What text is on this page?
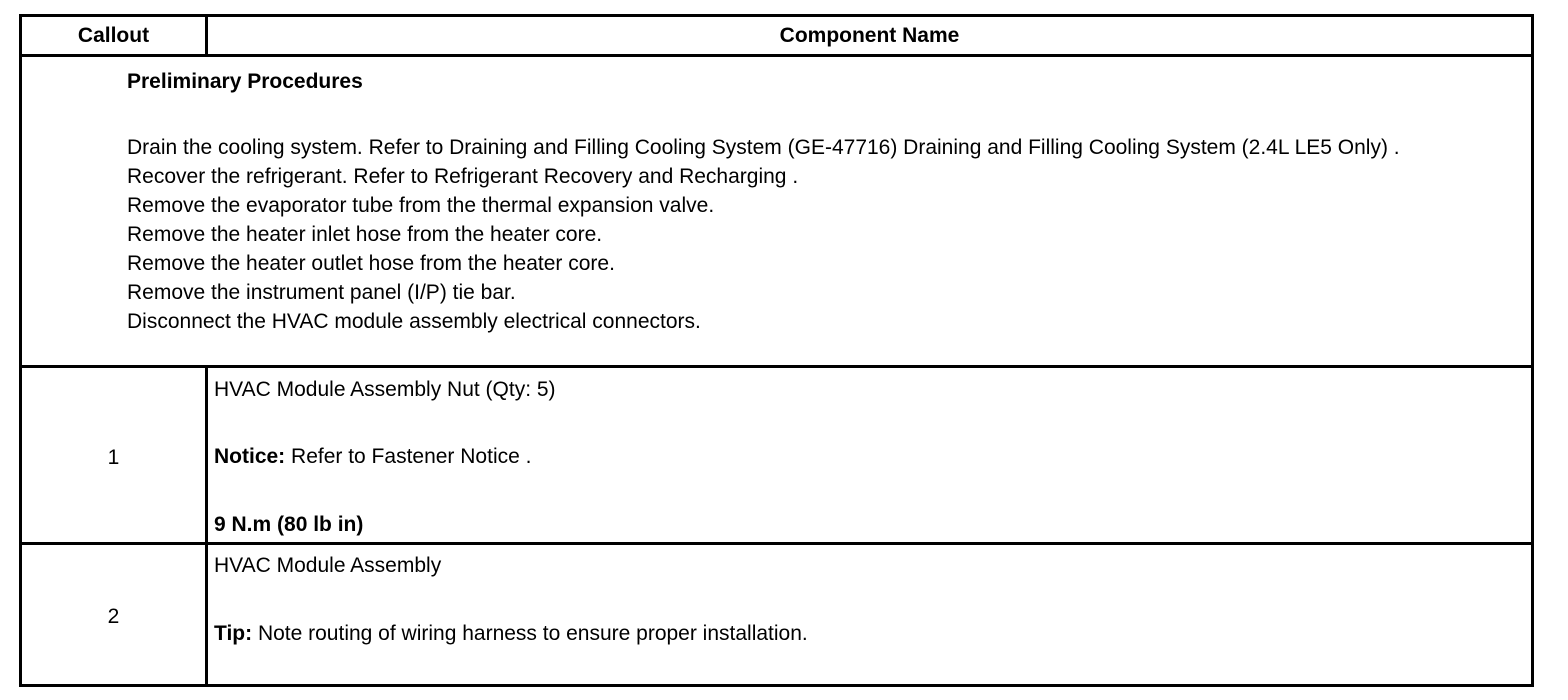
Callout	Component Name
Preliminary Procedures
Drain the cooling system. Refer to Draining and Filling Cooling System (GE-47716) Draining and Filling Cooling System (2.4L LE5 Only) .
Recover the refrigerant. Refer to Refrigerant Recovery and Recharging .
Remove the evaporator tube from the thermal expansion valve.
Remove the heater inlet hose from the heater core.
Remove the heater outlet hose from the heater core.
Remove the instrument panel (I/P) tie bar.
Disconnect the HVAC module assembly electrical connectors.
1
HVAC Module Assembly Nut (Qty: 5)
Notice: Refer to Fastener Notice .
9 N.m (80 lb in)
2
HVAC Module Assembly
Tip: Note routing of wiring harness to ensure proper installation.
